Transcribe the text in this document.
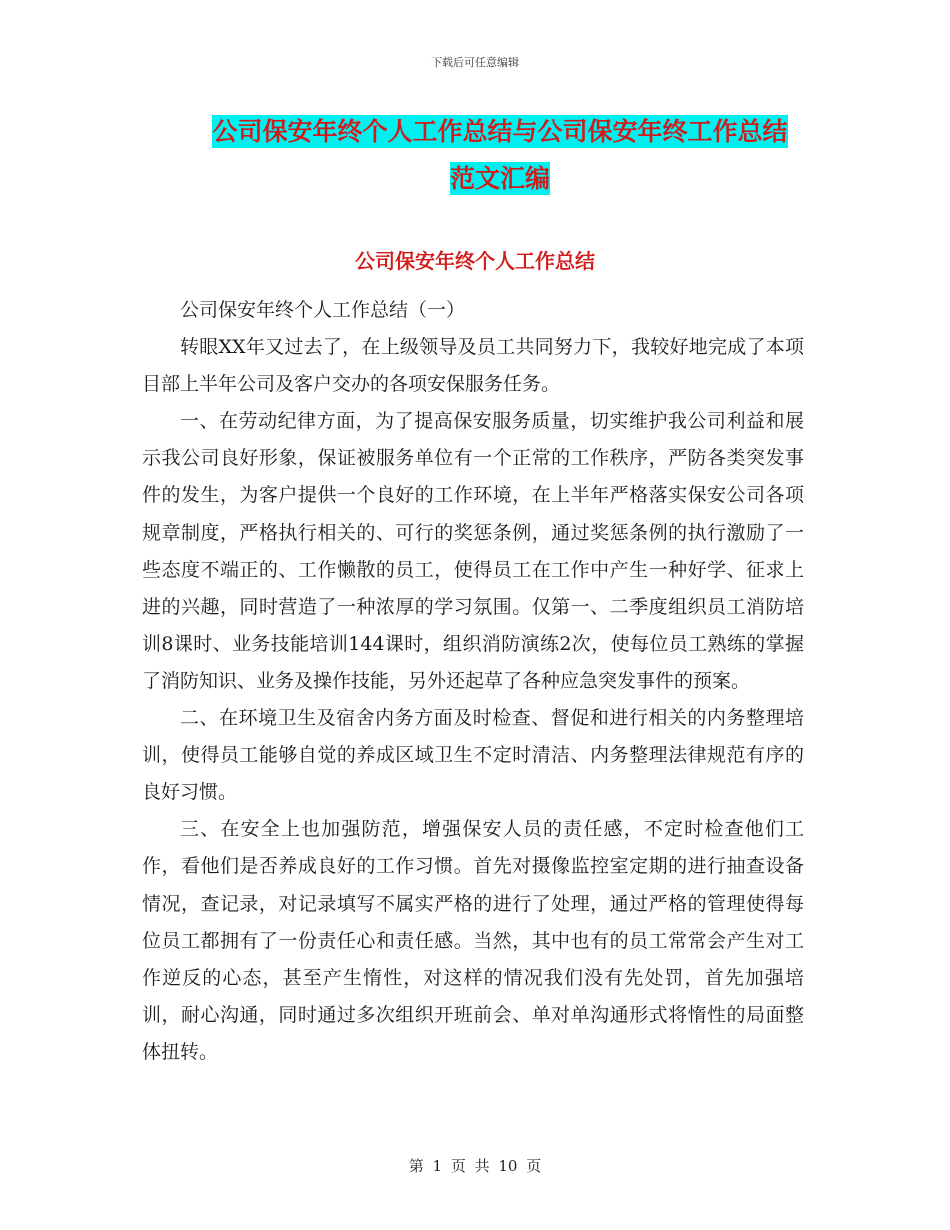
下载后可任意编辑
公司保安年终个人工作总结与公司保安年终工作总结
范文汇编
公司保安年终个人工作总结

公司保安年终个人工作总结（一）

转眼XX年又过去了，在上级领导及员工共同努力下，我较好地完成了本项目部上半年公司及客户交办的各项安保服务任务。

一、在劳动纪律方面，为了提高保安服务质量，切实维护我公司利益和展示我公司良好形象，保证被服务单位有一个正常的工作秩序，严防各类突发事件的发生，为客户提供一个良好的工作环境，在上半年严格落实保安公司各项规章制度，严格执行相关的、可行的奖惩条例，通过奖惩条例的执行激励了一些态度不端正的、工作懒散的员工，使得员工在工作中产生一种好学、征求上进的兴趣，同时营造了一种浓厚的学习氛围。仅第一、二季度组织员工消防培训8课时、业务技能培训144课时，组织消防演练2次，使每位员工熟练的掌握了消防知识、业务及操作技能，另外还起草了各种应急突发事件的预案。

二、在环境卫生及宿舍内务方面及时检查、督促和进行相关的内务整理培训，使得员工能够自觉的养成区域卫生不定时清洁、内务整理法律规范有序的良好习惯。

三、在安全上也加强防范，增强保安人员的责任感，不定时检查他们工作，看他们是否养成良好的工作习惯。首先对摄像监控室定期的进行抽查设备情况，查记录，对记录填写不属实严格的进行了处理，通过严格的管理使得每位员工都拥有了一份责任心和责任感。当然，其中也有的员工常常会产生对工作逆反的心态，甚至产生惰性，对这样的情况我们没有先处罚，首先加强培训，耐心沟通，同时通过多次组织开班前会、单对单沟通形式将惰性的局面整体扭转。

第 1 页 共 10 页
